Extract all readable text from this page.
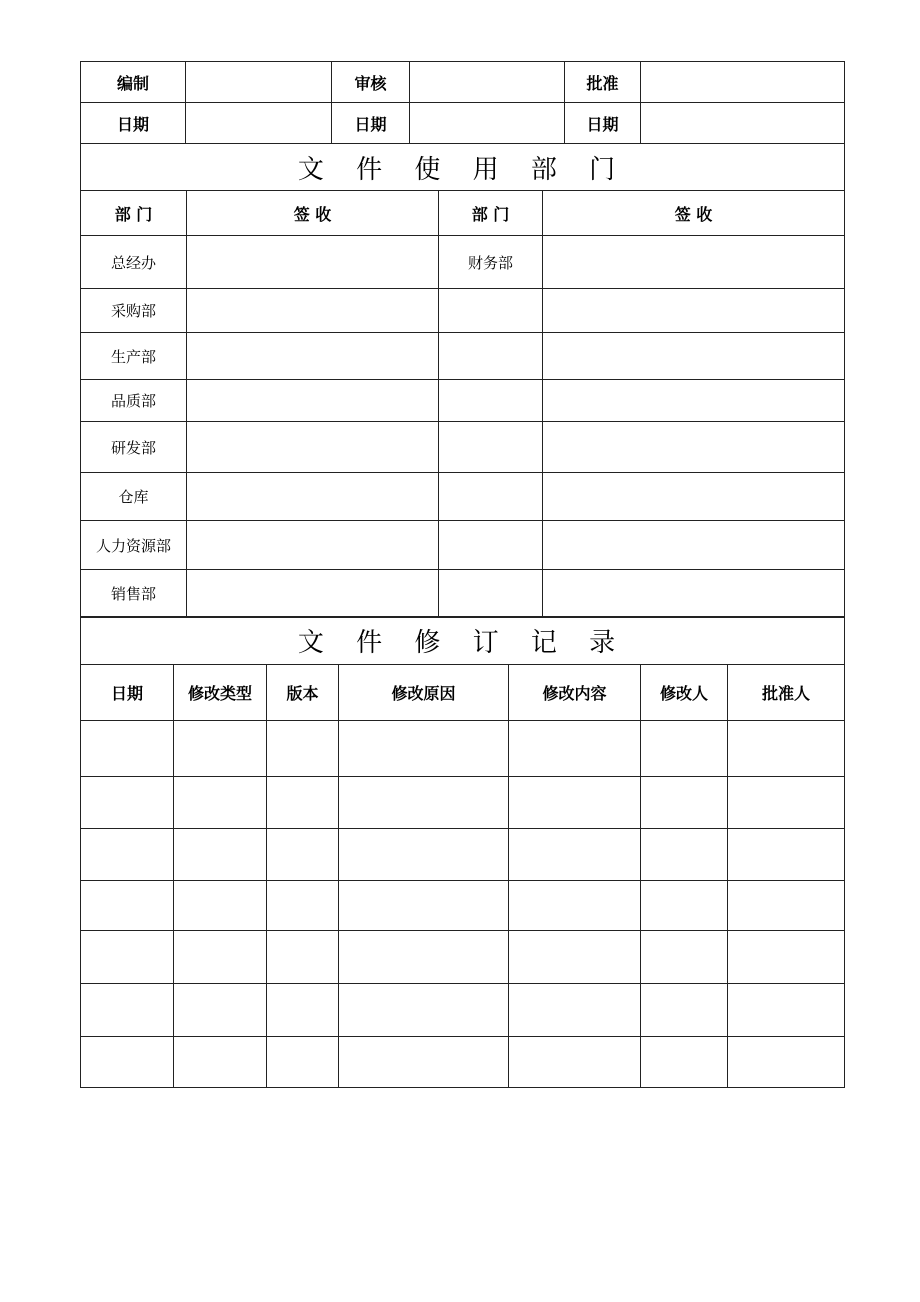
编制		审核		批准	
日期		日期		日期	
文 件 使 用 部 门			
部 门	签 收	部 门	签 收
总经办		财务部	
采购部			
生产部			
品质部			
研发部			
仓库			
人力资源部			
销售部			
文 件 修 订 记 录						
日期	修改类型	版本	修改原因	修改内容	修改人	批准人
